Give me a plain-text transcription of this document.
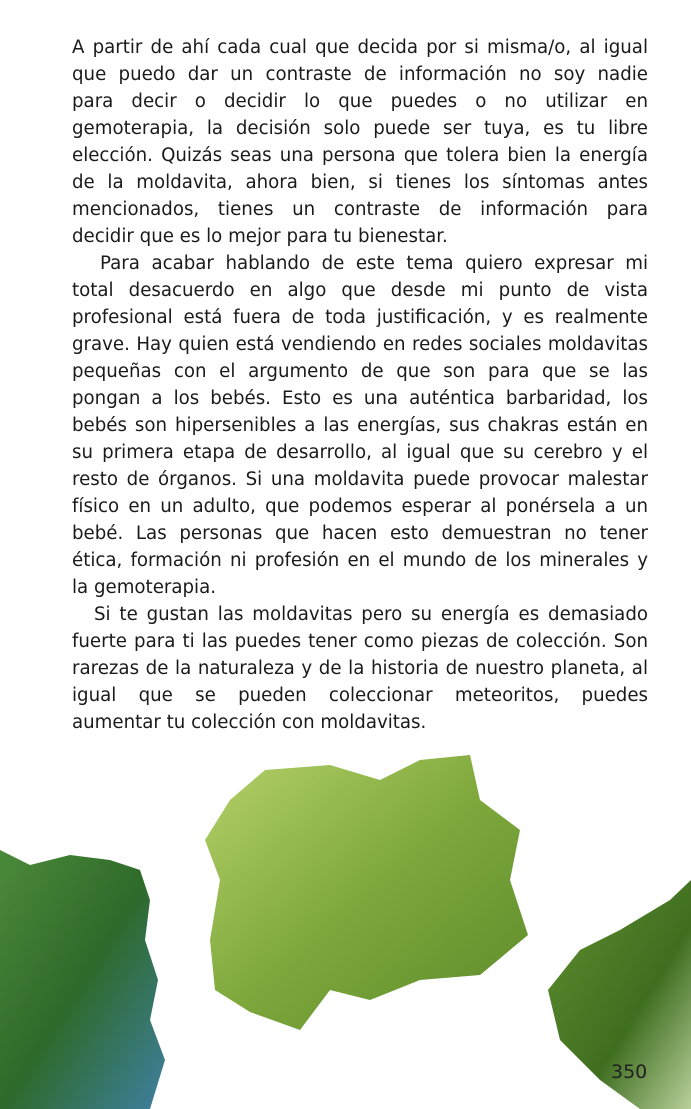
A partir de ahí cada cual que decida por si misma/o, al igual
que puedo dar un contraste de información no soy nadie
para decir o decidir lo que puedes o no utilizar en
gemoterapia, la decisión solo puede ser tuya, es tu libre
elección. Quizás seas una persona que tolera bien la energía
de la moldavita, ahora bien, si tienes los síntomas antes
mencionados, tienes un contraste de información para
decidir que es lo mejor para tu bienestar.
Para acabar hablando de este tema quiero expresar mi
total desacuerdo en algo que desde mi punto de vista
profesional está fuera de toda justificación, y es realmente
grave. Hay quien está vendiendo en redes sociales moldavitas
pequeñas con el argumento de que son para que se las
pongan a los bebés. Esto es una auténtica barbaridad, los
bebés son hipersenibles a las energías, sus chakras están en
su primera etapa de desarrollo, al igual que su cerebro y el
resto de órganos. Si una moldavita puede provocar malestar
físico en un adulto, que podemos esperar al ponérsela a un
bebé. Las personas que hacen esto demuestran no tener
ética, formación ni profesión en el mundo de los minerales y
la gemoterapia.
Si te gustan las moldavitas pero su energía es demasiado
fuerte para ti las puedes tener como piezas de colección. Son
rarezas de la naturaleza y de la historia de nuestro planeta, al
igual que se pueden coleccionar meteoritos, puedes
aumentar tu colección con moldavitas.
350
